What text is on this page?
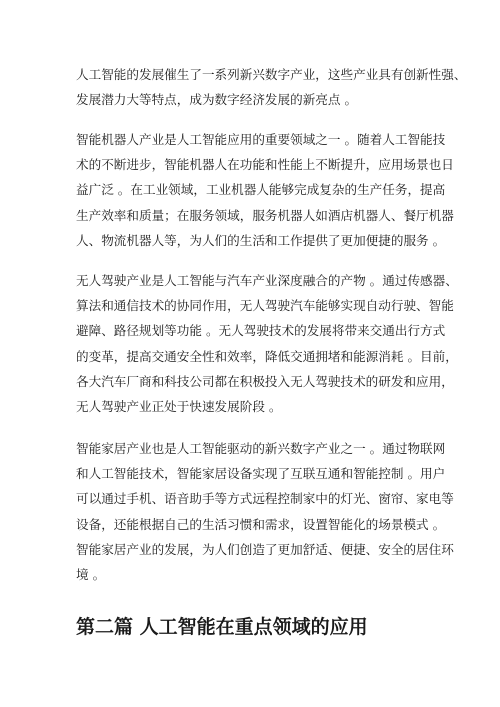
人工智能的发展催生了一系列新兴数字产业，这些产业具有创新性强、
发展潜力大等特点，成为数字经济发展的新亮点 。
智能机器人产业是人工智能应用的重要领域之一 。随着人工智能技
术的不断进步，智能机器人在功能和性能上不断提升，应用场景也日
益广泛 。在工业领域，工业机器人能够完成复杂的生产任务，提高
生产效率和质量；在服务领域，服务机器人如酒店机器人、餐厅机器
人、物流机器人等，为人们的生活和工作提供了更加便捷的服务 。
无人驾驶产业是人工智能与汽车产业深度融合的产物 。通过传感器、
算法和通信技术的协同作用，无人驾驶汽车能够实现自动行驶、智能
避障、路径规划等功能 。无人驾驶技术的发展将带来交通出行方式
的变革，提高交通安全性和效率，降低交通拥堵和能源消耗 。目前，
各大汽车厂商和科技公司都在积极投入无人驾驶技术的研发和应用，
无人驾驶产业正处于快速发展阶段 。
智能家居产业也是人工智能驱动的新兴数字产业之一 。通过物联网
和人工智能技术，智能家居设备实现了互联互通和智能控制 。用户
可以通过手机、语音助手等方式远程控制家中的灯光、窗帘、家电等
设备，还能根据自己的生活习惯和需求，设置智能化的场景模式 。
智能家居产业的发展，为人们创造了更加舒适、便捷、安全的居住环
境 。
第二篇 人工智能在重点领域的应用
